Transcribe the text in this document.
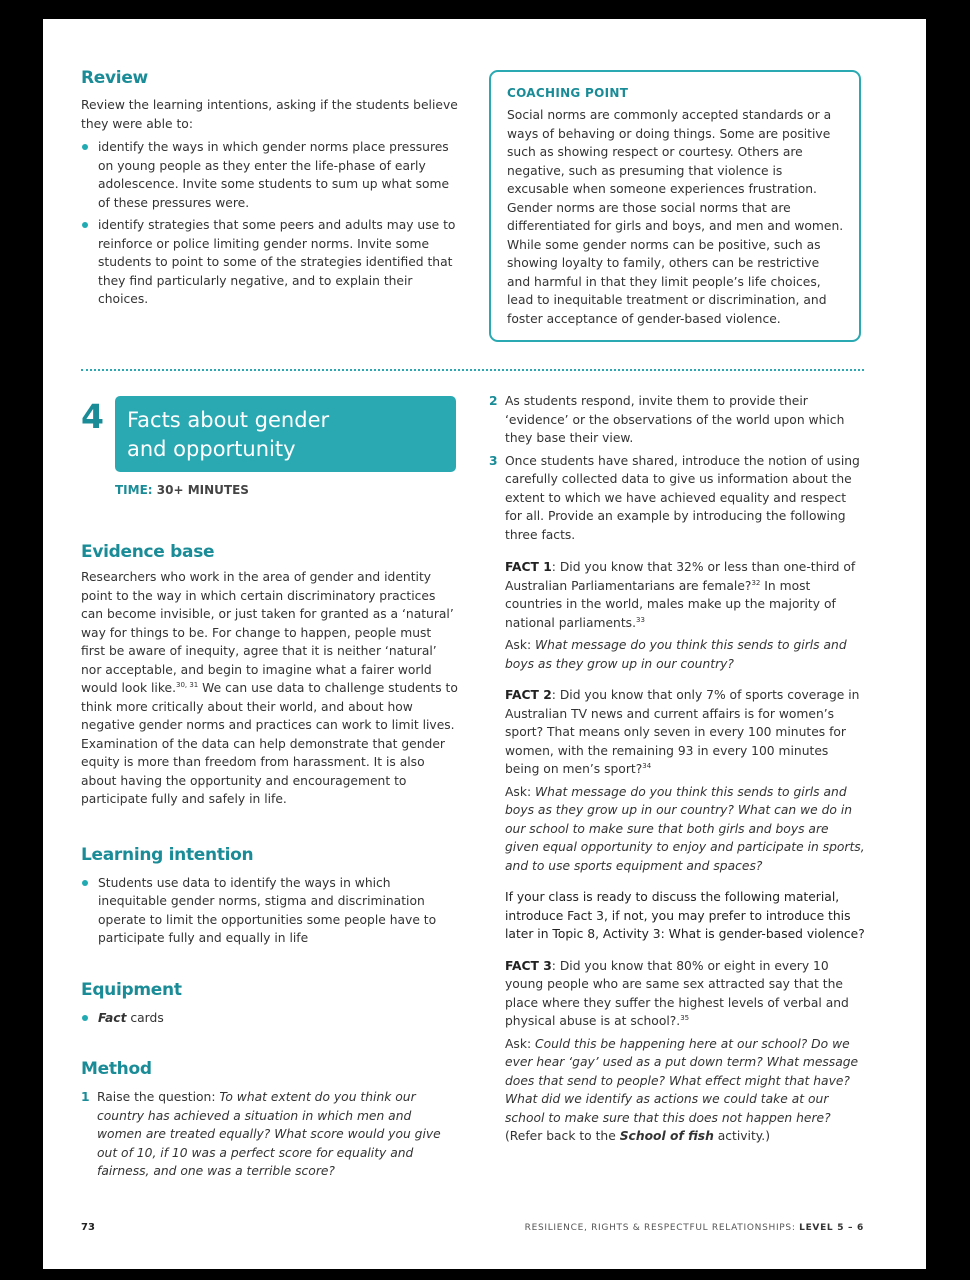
Review

Review the learning intentions, asking if the students believe they were able to:

identify the ways in which gender norms place pressures on young people as they enter the life-phase of early adolescence. Invite some students to sum up what some of these pressures were.
identify strategies that some peers and adults may use to reinforce or police limiting gender norms. Invite some students to point to some of the strategies identified that they find particularly negative, and to explain their choices.

COACHING POINT

Social norms are commonly accepted standards or a ways of behaving or doing things. Some are positive such as showing respect or courtesy. Others are negative, such as presuming that violence is excusable when someone experiences frustration. Gender norms are those social norms that are differentiated for girls and boys, and men and women. While some gender norms can be positive, such as showing loyalty to family, others can be restrictive and harmful in that they limit people’s life choices, lead to inequitable treatment or discrimination, and foster acceptance of gender-based violence.

4 Facts about gender
and opportunity
TIME: 30+ MINUTES
Evidence base

Researchers who work in the area of gender and identity point to the way in which certain discriminatory practices can become invisible, or just taken for granted as a ‘natural’ way for things to be. For change to happen, people must first be aware of inequity, agree that it is neither ‘natural’ nor acceptable, and begin to imagine what a fairer world would look like.$^{30, 31}$ We can use data to challenge students to think more critically about their world, and about how negative gender norms and practices can work to limit lives. Examination of the data can help demonstrate that gender equity is more than freedom from harassment. It is also about having the opportunity and encouragement to participate fully and safely in life.

Learning intention
Students use data to identify the ways in which inequitable gender norms, stigma and discrimination operate to limit the opportunities some people have to participate fully and equally in life
Equipment
Fact cards
Method
1 Raise the question: To what extent do you think our country has achieved a situation in which men and women are treated equally? What score would you give out of 10, if 10 was a perfect score for equality and fairness, and one was a terrible score?
2 As students respond, invite them to provide their ‘evidence’ or the observations of the world upon which they base their view.
3 Once students have shared, introduce the notion of using carefully collected data to give us information about the extent to which we have achieved equality and respect for all. Provide an example by introducing the following three facts.

FACT 1: Did you know that 32% or less than one-third of Australian Parliamentarians are female?$^{32}$ In most countries in the world, males make up the majority of national parliaments.$^{33}$

Ask: What message do you think this sends to girls and boys as they grow up in our country?

FACT 2: Did you know that only 7% of sports coverage in Australian TV news and current affairs is for women’s sport? That means only seven in every 100 minutes for women, with the remaining 93 in every 100 minutes being on men’s sport?$^{34}$

Ask: What message do you think this sends to girls and boys as they grow up in our country? What can we do in our school to make sure that both girls and boys are given equal opportunity to enjoy and participate in sports, and to use sports equipment and spaces?

If your class is ready to discuss the following material, introduce Fact 3, if not, you may prefer to introduce this later in Topic 8, Activity 3: What is gender-based violence?

FACT 3: Did you know that 80% or eight in every 10 young people who are same sex attracted say that the place where they suffer the highest levels of verbal and physical abuse is at school?.$^{35}$

Ask: Could this be happening here at our school? Do we ever hear ‘gay’ used as a put down term? What message does that send to people? What effect might that have? What did we identify as actions we could take at our school to make sure that this does not happen here? (Refer back to the School of fish activity.)

73	RESILIENCE, RIGHTS & RESPECTFUL RELATIONSHIPS: LEVEL 5 – 6
